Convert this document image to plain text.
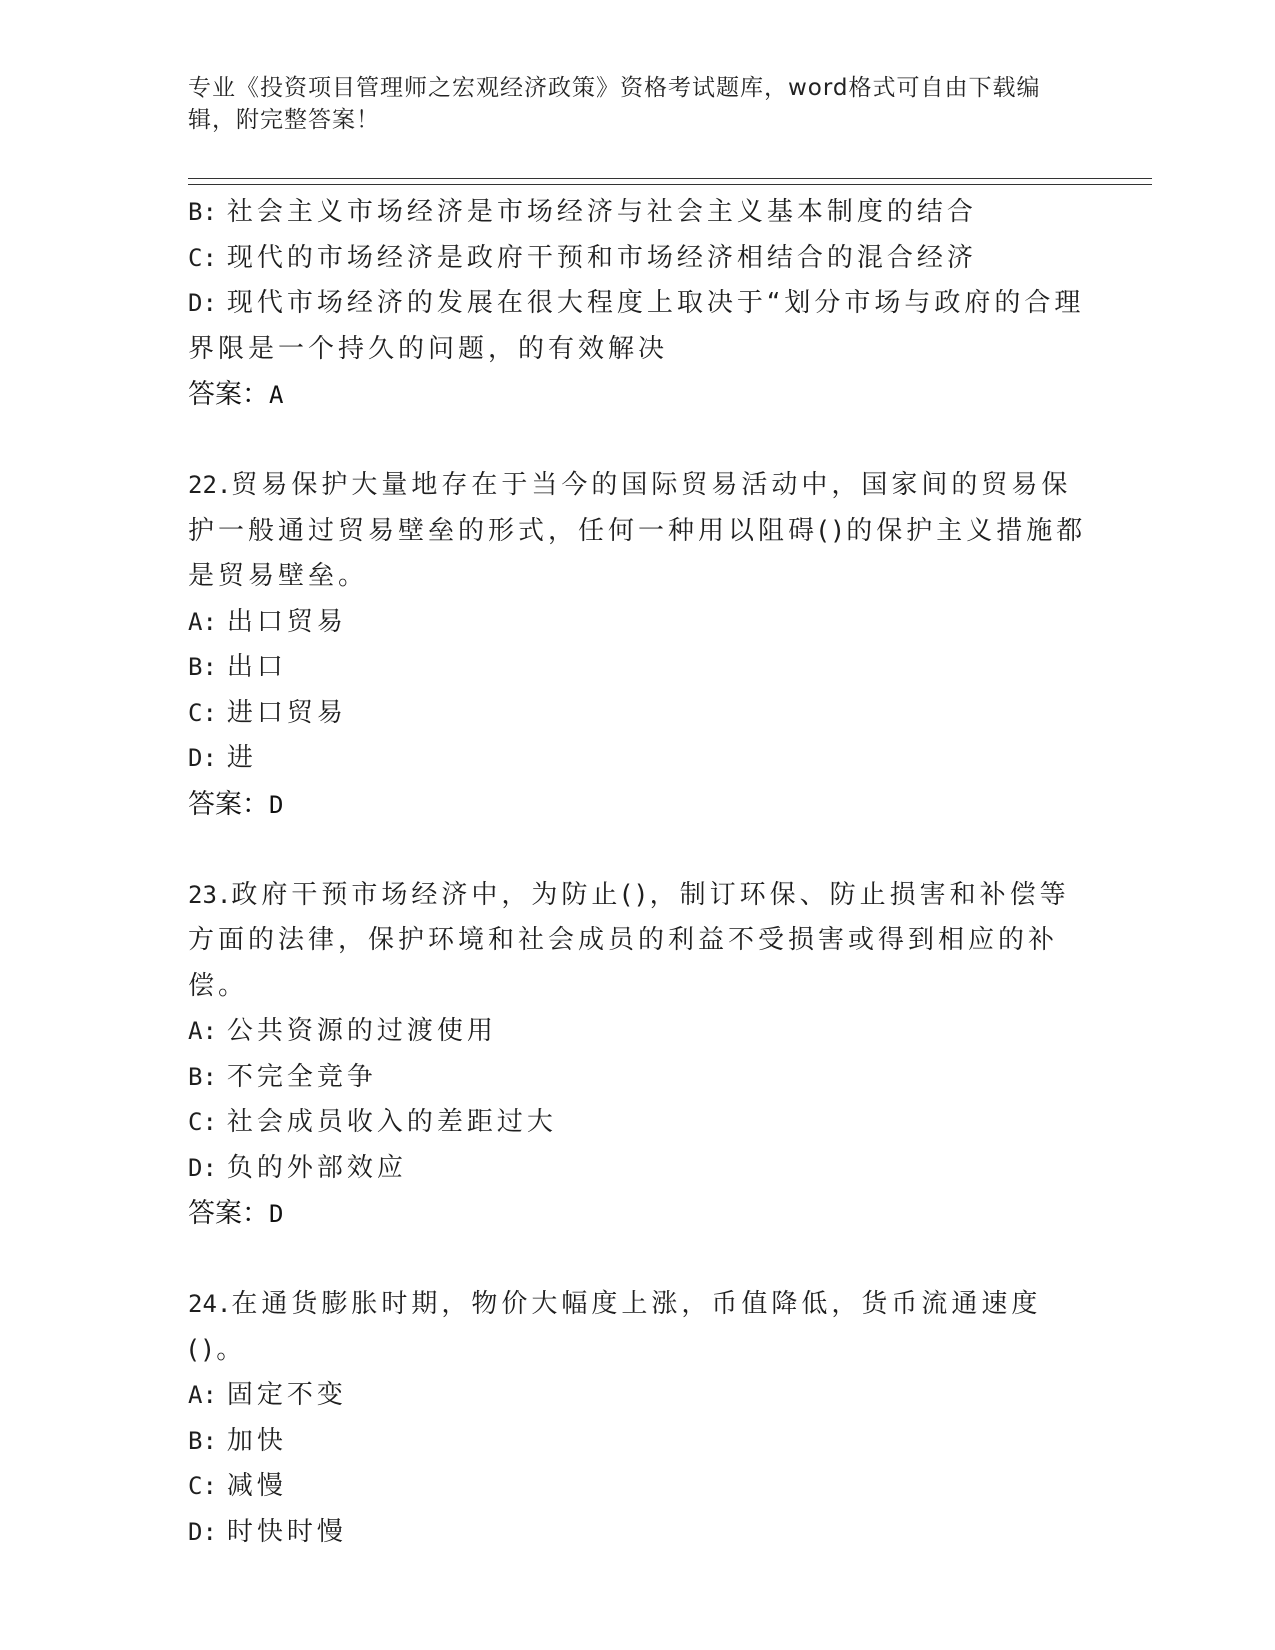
专业《投资项目管理师之宏观经济政策》资格考试题库，word格式可自由下载编辑，附完整答案！
B: 社会主义市场经济是市场经济与社会主义基本制度的结合
C: 现代的市场经济是政府干预和市场经济相结合的混合经济
D: 现代市场经济的发展在很大程度上取决于“划分市场与政府的合理界限是一个持久的问题，的有效解决
答案：A
22.贸易保护大量地存在于当今的国际贸易活动中，国家间的贸易保护一般通过贸易壁垒的形式，任何一种用以阻碍()的保护主义措施都是贸易壁垒。
A: 出口贸易
B: 出口
C: 进口贸易
D: 进
答案：D
23.政府干预市场经济中，为防止()，制订环保、防止损害和补偿等方面的法律，保护环境和社会成员的利益不受损害或得到相应的补偿。
A: 公共资源的过渡使用
B: 不完全竞争
C: 社会成员收入的差距过大
D: 负的外部效应
答案：D
24.在通货膨胀时期，物价大幅度上涨，币值降低，货币流通速度()。
A: 固定不变
B: 加快
C: 减慢
D: 时快时慢
